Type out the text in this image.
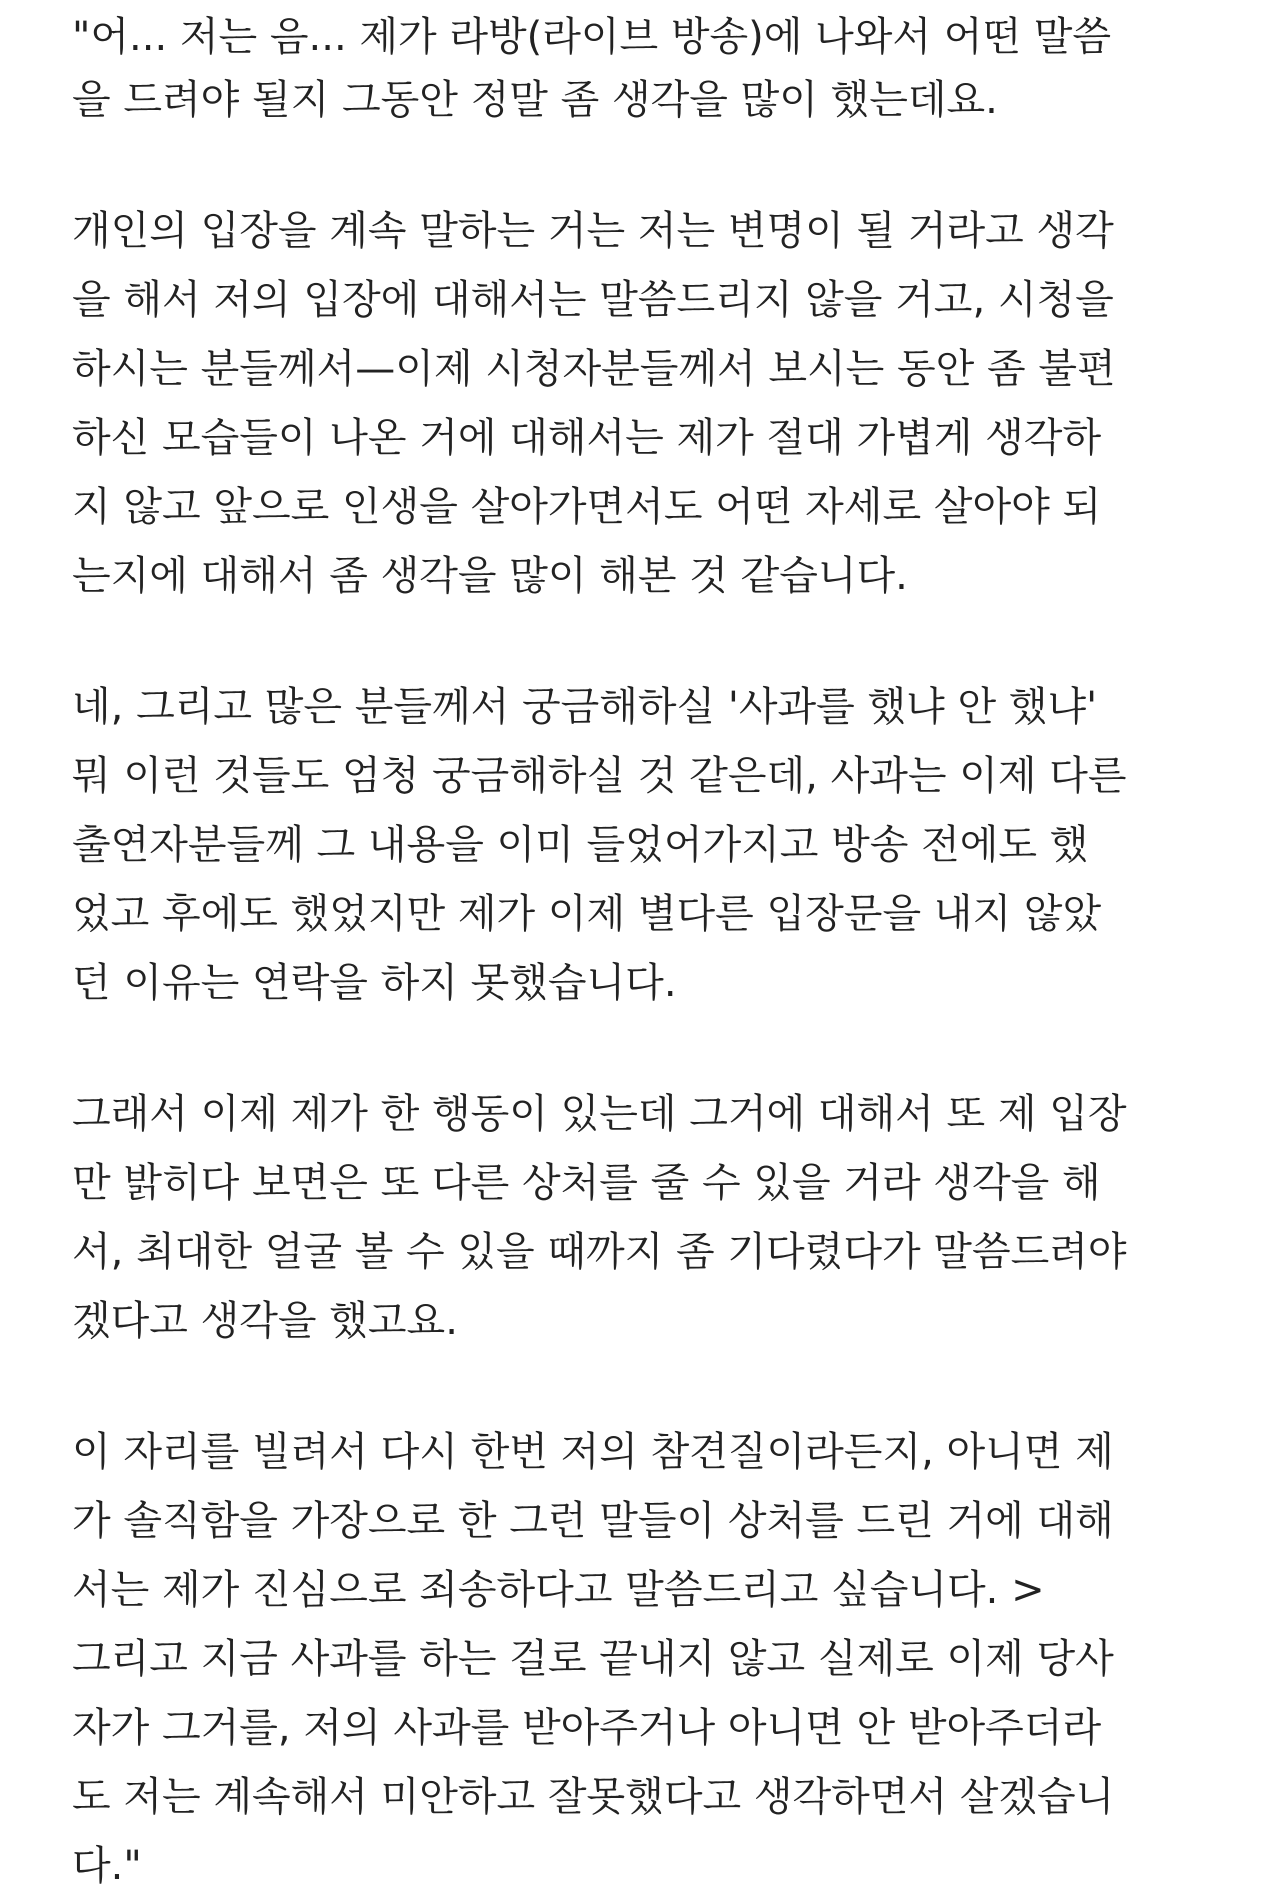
"어... 저는 음... 제가 라방(라이브 방송)에 나와서 어떤 말씀
을 드려야 될지 그동안 정말 좀 생각을 많이 했는데요.
개인의 입장을 계속 말하는 거는 저는 변명이 될 거라고 생각
을 해서 저의 입장에 대해서는 말씀드리지 않을 거고, 시청을
하시는 분들께서—이제 시청자분들께서 보시는 동안 좀 불편
하신 모습들이 나온 거에 대해서는 제가 절대 가볍게 생각하
지 않고 앞으로 인생을 살아가면서도 어떤 자세로 살아야 되
는지에 대해서 좀 생각을 많이 해본 것 같습니다.
네, 그리고 많은 분들께서 궁금해하실 '사과를 했냐 안 했냐'
뭐 이런 것들도 엄청 궁금해하실 것 같은데, 사과는 이제 다른
출연자분들께 그 내용을 이미 들었어가지고 방송 전에도 했
었고 후에도 했었지만 제가 이제 별다른 입장문을 내지 않았
던 이유는 연락을 하지 못했습니다.
그래서 이제 제가 한 행동이 있는데 그거에 대해서 또 제 입장
만 밝히다 보면은 또 다른 상처를 줄 수 있을 거라 생각을 해
서, 최대한 얼굴 볼 수 있을 때까지 좀 기다렸다가 말씀드려야
겠다고 생각을 했고요.
이 자리를 빌려서 다시 한번 저의 참견질이라든지, 아니면 제
가 솔직함을 가장으로 한 그런 말들이 상처를 드린 거에 대해
서는 제가 진심으로 죄송하다고 말씀드리고 싶습니다. >
그리고 지금 사과를 하는 걸로 끝내지 않고 실제로 이제 당사
자가 그거를, 저의 사과를 받아주거나 아니면 안 받아주더라
도 저는 계속해서 미안하고 잘못했다고 생각하면서 살겠습니
다."
